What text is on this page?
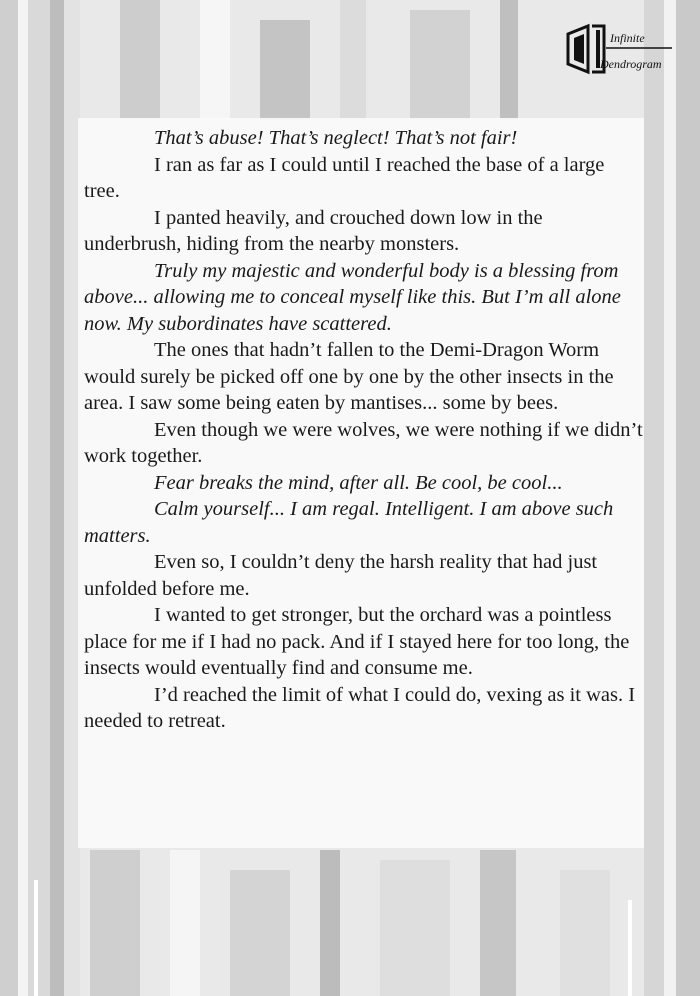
Infinite
Dendrogram

That’s abuse! That’s neglect! That’s not fair!

I ran as far as I could until I reached the base of a large tree.

I panted heavily, and crouched down low in the underbrush, hiding from the nearby monsters.

Truly my majestic and wonderful body is a blessing from above... allowing me to conceal myself like this. But I’m all alone now. My subordinates have scattered.

The ones that hadn’t fallen to the Demi-Dragon Worm would surely be picked off one by one by the other insects in the area. I saw some being eaten by mantises... some by bees.

Even though we were wolves, we were nothing if we didn’t work together.

Fear breaks the mind, after all. Be cool, be cool...

Calm yourself... I am regal. Intelligent. I am above such matters.

Even so, I couldn’t deny the harsh reality that had just unfolded before me.

I wanted to get stronger, but the orchard was a pointless place for me if I had no pack. And if I stayed here for too long, the insects would eventually find and consume me.

I’d reached the limit of what I could do, vexing as it was. I needed to retreat.
